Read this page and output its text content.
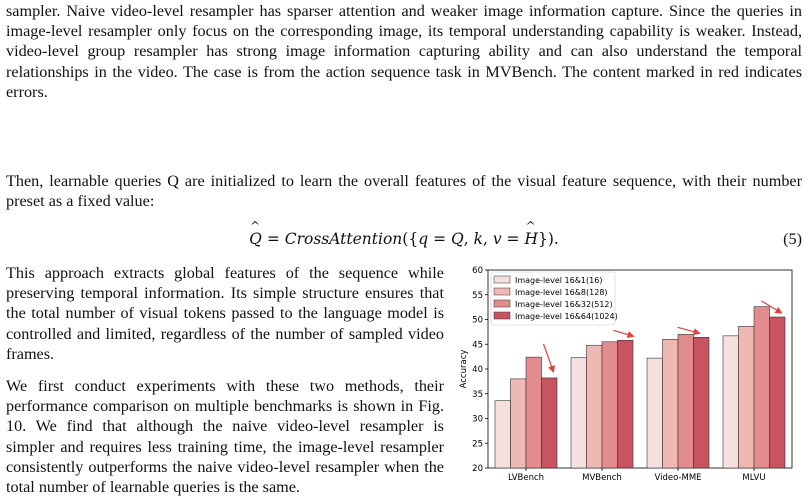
sampler. Naive video-level resampler has sparser attention and weaker image information capture. Since the queries in image-level resampler only focus on the corresponding image, its temporal understanding capability is weaker. Instead, video-level group resampler has strong image information capturing ability and can also understand the temporal relationships in the video. The case is from the action sequence task in MVBench. The content marked in red indicates errors.

Then, learnable queries Q are initialized to learn the overall features of the visual feature sequence, with their number preset as a fixed value:

^ Q = CrossAttention({q = Q, k, v = ^ H}).	(5)

This approach extracts global features of the sequence while preserving temporal information. Its simple structure ensures that the total number of visual tokens passed to the language model is controlled and limited, regardless of the number of sampled video frames.

We first conduct experiments with these two methods, their performance comparison on multiple benchmarks is shown in Fig. 10. We find that although the naive video-level resampler is simpler and requires less training time, the image-level resampler consistently outperforms the naive video-level resampler when the total number of learnable queries is the same.

20
25
30
35
40
45
50
55
60
Accuracy
LVBench	MVBench	Video-MME	MLVU
Image-level 16&1(16)
Image-level 16&8(128)
Image-level 16&32(512)
Image-level 16&64(1024)
